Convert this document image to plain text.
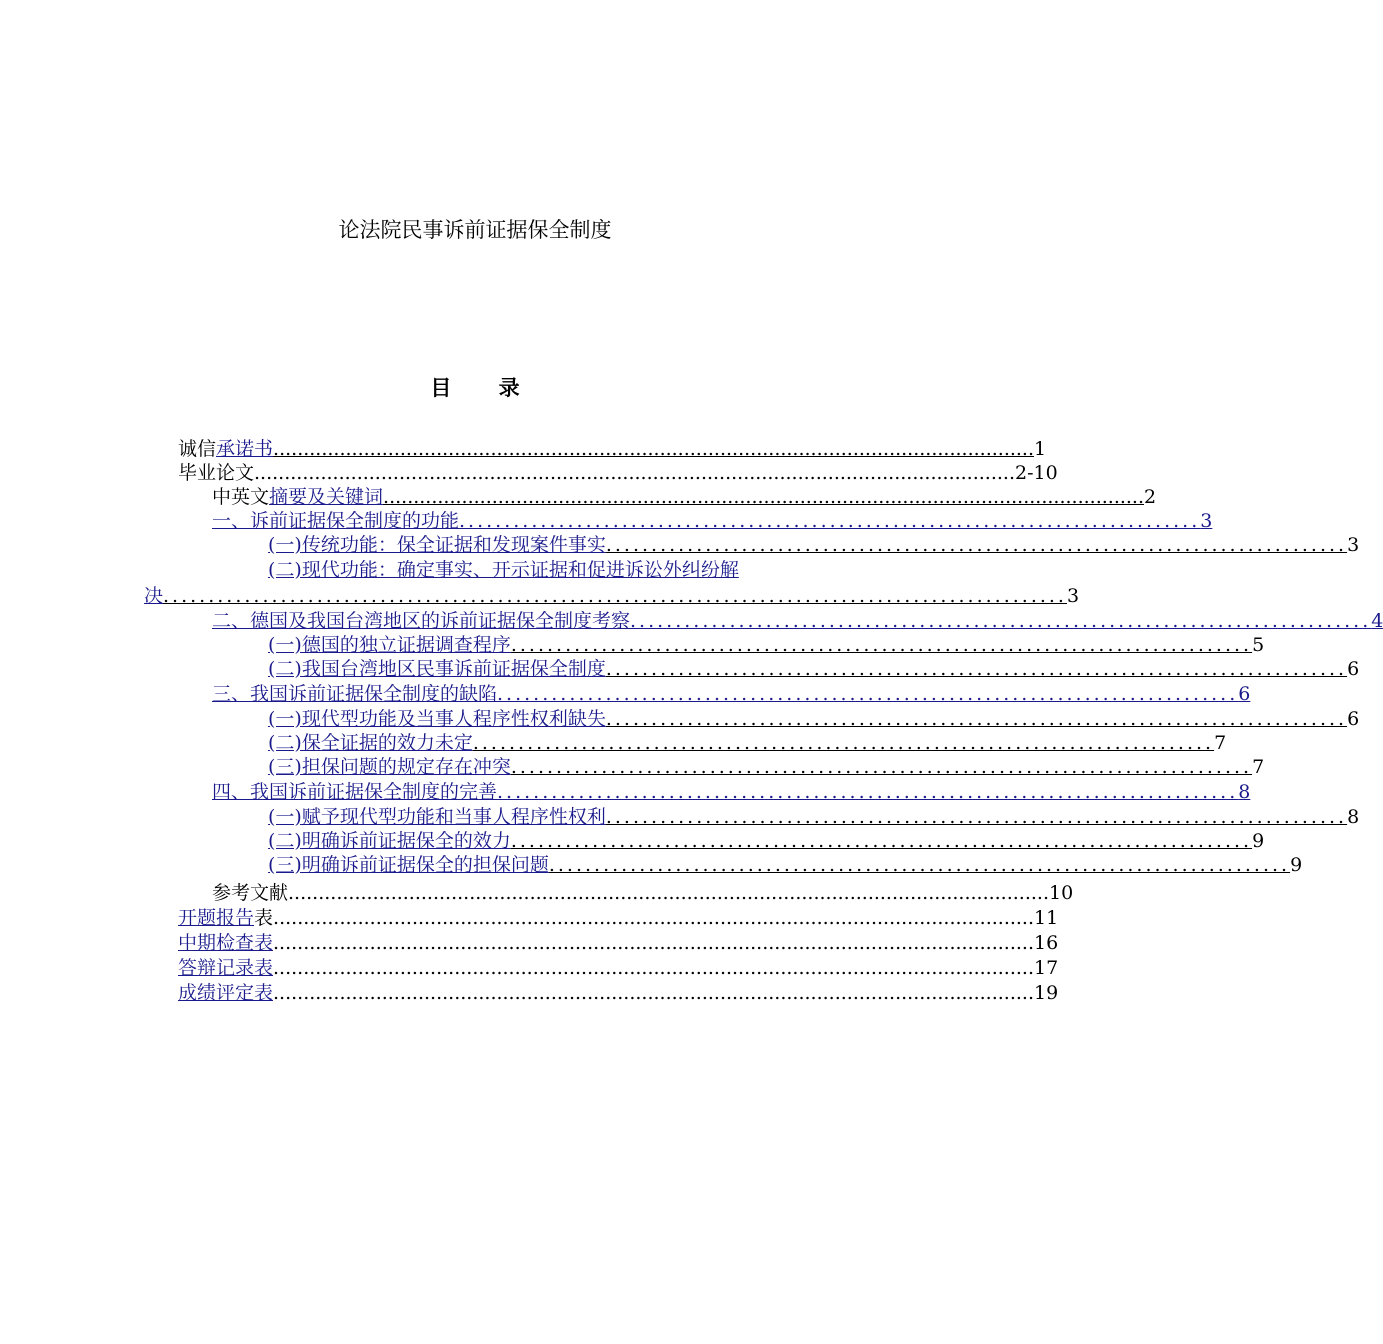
论法院民事诉前证据保全制度
目 录
诚信 承诺书 .............................................................................................................................. 1
毕业论文 .............................................................................................................................. 2-10
中英文 摘要及关键词 .............................................................................................................................. 2
一、诉前证据保全制度的功能 .................................................................................. 3
(一)传统功能：保全证据和发现案件事实 .................................................................................. 3
(二)现代功能：确定事实、开示证据和促进诉讼外纠纷解
决 .................................................................................................... 3
二、德国及我国台湾地区的诉前证据保全制度考察 .................................................................................. 4
(一)德国的独立证据调查程序 .................................................................................. 5
(二)我国台湾地区民事诉前证据保全制度 .................................................................................. 6
三、我国诉前证据保全制度的缺陷 .................................................................................. 6
(一)现代型功能及当事人程序性权利缺失 .................................................................................. 6
(二)保全证据的效力未定 .................................................................................. 7
(三)担保问题的规定存在冲突 .................................................................................. 7
四、我国诉前证据保全制度的完善 .................................................................................. 8
(一)赋予现代型功能和当事人程序性权利 .................................................................................. 8
(二)明确诉前证据保全的效力 .................................................................................. 9
(三)明确诉前证据保全的担保问题 .................................................................................. 9
参考文献 .............................................................................................................................. 10
开题报告 表 .............................................................................................................................. 11
中期检查表 .............................................................................................................................. 16
答辩记录表 .............................................................................................................................. 17
成绩评定表 .............................................................................................................................. 19
